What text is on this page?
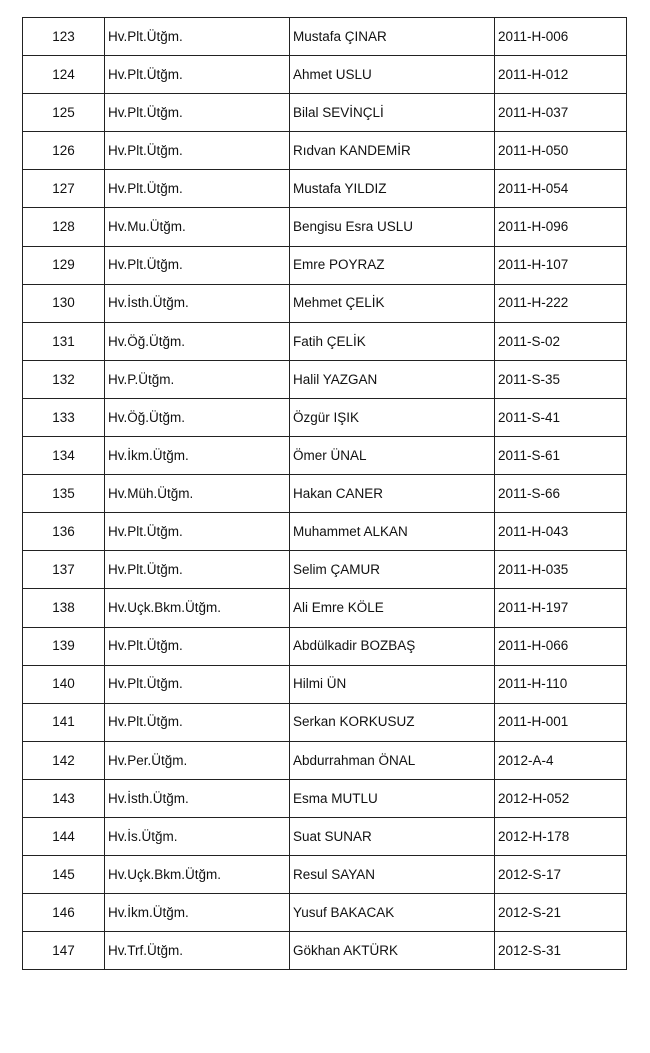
123	Hv.Plt.Ütğm.	Mustafa ÇINAR	2011-H-006
124	Hv.Plt.Ütğm.	Ahmet USLU	2011-H-012
125	Hv.Plt.Ütğm.	Bilal SEVİNÇLİ	2011-H-037
126	Hv.Plt.Ütğm.	Rıdvan KANDEMİR	2011-H-050
127	Hv.Plt.Ütğm.	Mustafa YILDIZ	2011-H-054
128	Hv.Mu.Ütğm.	Bengisu Esra USLU	2011-H-096
129	Hv.Plt.Ütğm.	Emre POYRAZ	2011-H-107
130	Hv.İsth.Ütğm.	Mehmet ÇELİK	2011-H-222
131	Hv.Öğ.Ütğm.	Fatih ÇELİK	2011-S-02
132	Hv.P.Ütğm.	Halil YAZGAN	2011-S-35
133	Hv.Öğ.Ütğm.	Özgür IŞIK	2011-S-41
134	Hv.İkm.Ütğm.	Ömer ÜNAL	2011-S-61
135	Hv.Müh.Ütğm.	Hakan CANER	2011-S-66
136	Hv.Plt.Ütğm.	Muhammet ALKAN	2011-H-043
137	Hv.Plt.Ütğm.	Selim ÇAMUR	2011-H-035
138	Hv.Uçk.Bkm.Ütğm.	Ali Emre KÖLE	2011-H-197
139	Hv.Plt.Ütğm.	Abdülkadir BOZBAŞ	2011-H-066
140	Hv.Plt.Ütğm.	Hilmi ÜN	2011-H-110
141	Hv.Plt.Ütğm.	Serkan KORKUSUZ	2011-H-001
142	Hv.Per.Ütğm.	Abdurrahman ÖNAL	2012-A-4
143	Hv.İsth.Ütğm.	Esma MUTLU	2012-H-052
144	Hv.İs.Ütğm.	Suat SUNAR	2012-H-178
145	Hv.Uçk.Bkm.Ütğm.	Resul SAYAN	2012-S-17
146	Hv.İkm.Ütğm.	Yusuf BAKACAK	2012-S-21
147	Hv.Trf.Ütğm.	Gökhan AKTÜRK	2012-S-31
